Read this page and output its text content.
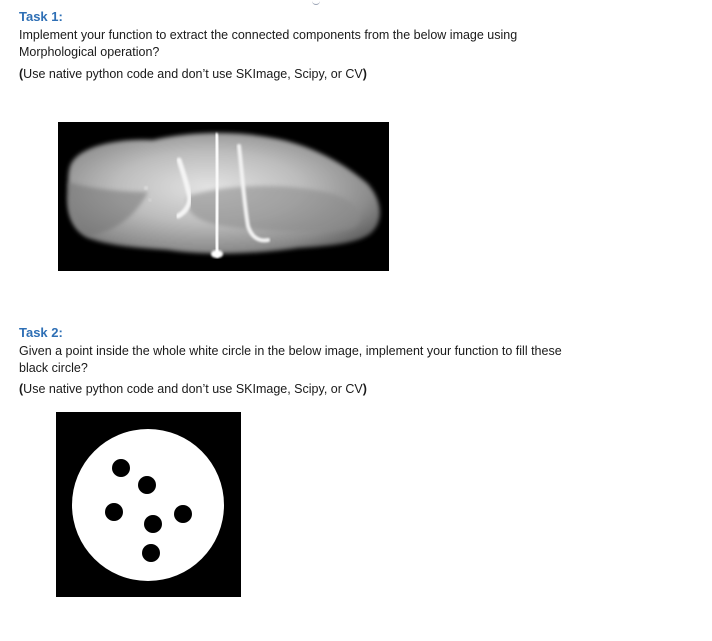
Task 1:

Implement your function to extract the connected components from the below image using Morphological operation?

(Use native python code and don’t use SKImage, Scipy, or CV)

Task 2:

Given a point inside the whole white circle in the below image, implement your function to fill these black circle?

(Use native python code and don’t use SKImage, Scipy, or CV)
